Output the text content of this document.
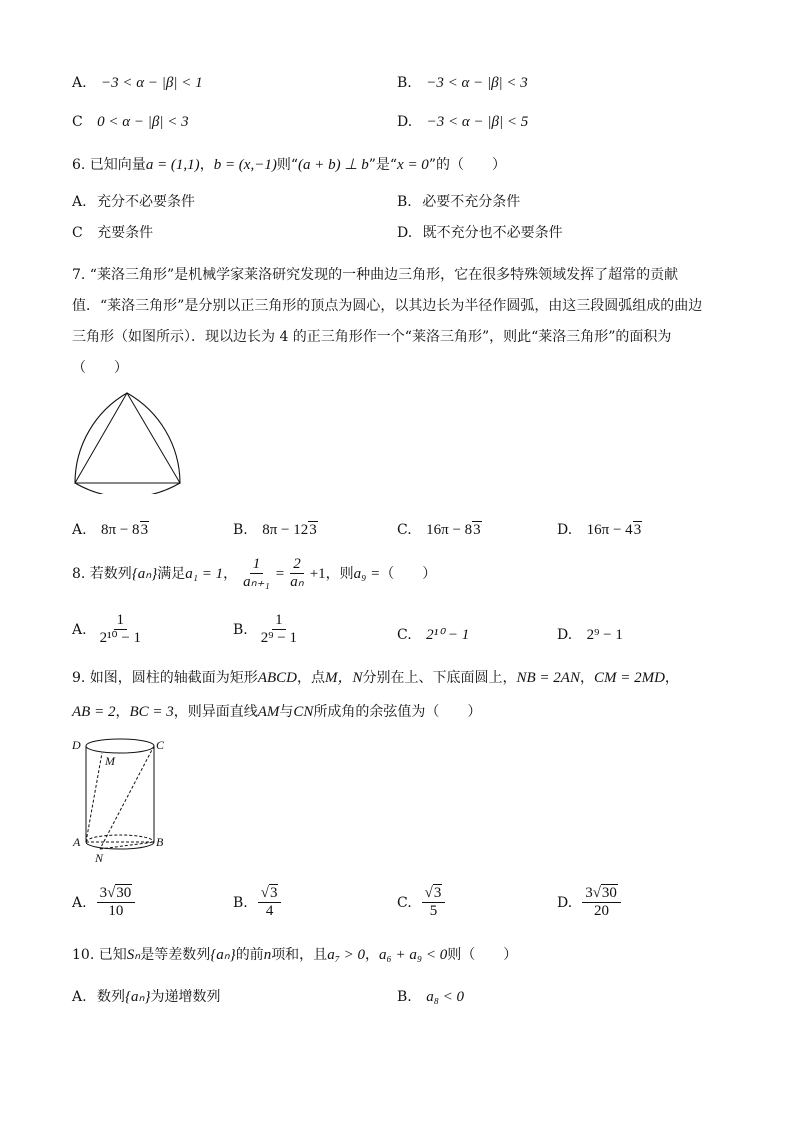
A. −3 < α − |β| < 1	B. −3 < α − |β| < 3
C 0 < α − |β| < 3	D. −3 < α − |β| < 5
6. 已知向量a = (1,1)，b = (x,−1)则“(a + b) ⊥ b”是“x = 0”的（　　）
A. 充分不必要条件	B. 必要不充分条件
C 充要条件	D. 既不充分也不必要条件
7. “莱洛三角形”是机械学家莱洛研究发现的一种曲边三角形，它在很多特殊领域发挥了超常的贡献
值．“莱洛三角形”是分别以正三角形的顶点为圆心，以其边长为半径作圆弧，由这三段圆弧组成的曲边
三角形（如图所示）．现以边长为 4 的正三角形作一个“莱洛三角形”，则此“莱洛三角形”的面积为
（　　）
A. 8π − 83	B. 8π − 123	C. 16π − 83	D. 16π − 43
8. 若数列 {aₙ} 满足 a₁ = 1 ， $\frac{1}{\text{aₙ₊₁}} = \frac{2}{\text{aₙ}} +1$ ，则 a₉ = （　　）
A. $\frac{1}{\text{2¹⁰ − 1}}$	B. $\frac{1}{\text{2⁹ − 1}}$	C. 2¹⁰ − 1	D. 2⁹ − 1
9. 如图，圆柱的轴截面为矩形ABCD，点M，N分别在上、下底面圆上，NB = 2AN，CM = 2MD，
AB = 2，BC = 3，则异面直线AM与CN所成角的余弦值为（　　）
D	C
M
A	B
N
A. $\frac{3√30}{10}$	B. $\frac{√3}{4}$	C. $\frac{√3}{5}$	D. $\frac{3√30}{20}$
10. 已知Sₙ是等差数列{aₙ}的前n项和，且a₇ > 0，a₆ + a₉ < 0则（　　）
A. 数列{aₙ}为递增数列	B. a₈ < 0
